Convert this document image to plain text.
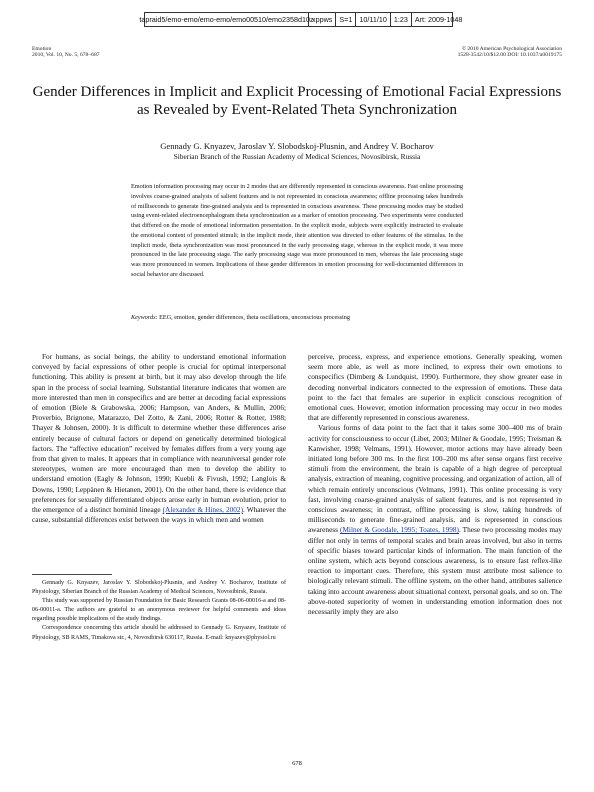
tapraid5/emo-emo/emo-emo/emo00510/emo2358d10z
xppws S=1 10/11/10 1:23 Art: 2009-1048
Emotion
2010, Vol. 10, No. 5, 678–687
© 2010 American Psychological Association
1528-3542/10/$12.00 DOI: 10.1037/a0019175
Gender Differences in Implicit and Explicit Processing of Emotional Facial Expressions as Revealed by Event-Related Theta Synchronization
Gennady G. Knyazev, Jaroslav Y. Slobodskoj-Plusnin, and Andrey V. Bocharov
Siberian Branch of the Russian Academy of Medical Sciences, Novosibirsk, Russia
Emotion information processing may occur in 2 modes that are differently represented in conscious awareness. Fast online processing involves coarse-grained analysis of salient features and is not represented in conscious awareness; offline processing takes hundreds of milliseconds to generate fine-grained analysis and is represented in conscious awareness. These processing modes may be studied using event-related electroencephalogram theta synchronization as a marker of emotion processing. Two experiments were conducted that differed on the mode of emotional information presentation. In the explicit mode, subjects were explicitly instructed to evaluate the emotional content of presented stimuli; in the implicit mode, their attention was directed to other features of the stimulus. In the implicit mode, theta synchronization was most pronounced in the early processing stage, whereas in the explicit mode, it was more pronounced in the late processing stage. The early processing stage was more pronounced in men, whereas the late processing stage was more pronounced in women. Implications of these gender differences in emotion processing for well-documented differences in social behavior are discussed.
Keywords: EEG, emotion, gender differences, theta oscillations, unconscious processing

For humans, as social beings, the ability to understand emotional information conveyed by facial expressions of other people is crucial for optimal interpersonal functioning. This ability is present at birth, but it may also develop through the life span in the process of social learning. Substantial literature indicates that women are more interested than men in conspecifics and are better at decoding facial expressions of emotion (Biele & Grabowska, 2006; Hampson, van Anders, & Mullin, 2006; Proverbio, Brignone, Matarazzo, Del Zotto, & Zani, 2006; Rotter & Rotter, 1988; Thayer & Johnsen, 2000). It is difficult to determine whether these differences arise entirely because of cultural factors or depend on genetically determined biological factors. The “affective education” received by females differs from a very young age from that given to males. It appears that in compliance with nearuniversal gender role stereotypes, women are more encouraged than men to develop the ability to understand emotion (Eagly & Johnson, 1990; Kuebli & Fivush, 1992; Langlois & Downs, 1990; Leppänen & Hietanen, 2001). On the other hand, there is evidence that preferences for sexually differentiated objects arose early in human evolution, prior to the emergence of a distinct hominid lineage (Alexander & Hines, 2002). Whatever the cause, substantial differences exist between the ways in which men and women

perceive, process, express, and experience emotions. Generally speaking, women seem more able, as well as more inclined, to express their own emotions to conspecifics (Dimberg & Lundquist, 1990). Furthermore, they show greater ease in decoding nonverbal indicators connected to the expression of emotions. These data point to the fact that females are superior in explicit conscious recognition of emotional cues. However, emotion information processing may occur in two modes that are differently represented in conscious awareness.

Various forms of data point to the fact that it takes some 300–400 ms of brain activity for consciousness to occur (Libet, 2003; Milner & Goodale, 1995; Treisman & Kanwisher, 1998; Velmans, 1991). However, motor actions may have already been initiated long before 300 ms. In the first 100–200 ms after sense organs first receive stimuli from the environment, the brain is capable of a high degree of perceptual analysis, extraction of meaning, cognitive processing, and organization of action, all of which remain entirely unconscious (Velmans, 1991). This online processing is very fast, involving coarse-grained analysis of salient features, and is not represented in conscious awareness; in contrast, offline processing is slow, taking hundreds of milliseconds to generate fine-grained analysis, and is represented in conscious awareness (Milner & Goodale, 1995; Toates, 1998). These two processing modes may differ not only in terms of temporal scales and brain areas involved, but also in terms of specific biases toward particular kinds of information. The main function of the online system, which acts beyond conscious awareness, is to ensure fast reflex-like reaction to important cues. Therefore, this system must attribute most salience to biologically relevant stimuli. The offline system, on the other hand, attributes salience taking into account awareness about situational context, personal goals, and so on. The above-noted superiority of women in understanding emotion information does not necessarily imply they are also

Gennady G. Knyazev, Jaroslav Y. Slobodskoj-Plusnin, and Andrey V. Bocharov, Institute of Physiology, Siberian Branch of the Russian Academy of Medical Sciences, Novosibirsk, Russia.

This study was supported by Russian Foundation for Basic Research Grants 08-06-00016-a and 08-06-00011-a. The authors are grateful to an anonymous reviewer for helpful comments and ideas regarding possible implications of the study findings.

Correspondence concerning this article should be addressed to Gennady G. Knyazev, Institute of Physiology, SB RAMS, Timakova str., 4, Novosibirsk 630117, Russia. E-mail: knyazev@physiol.ru

678
